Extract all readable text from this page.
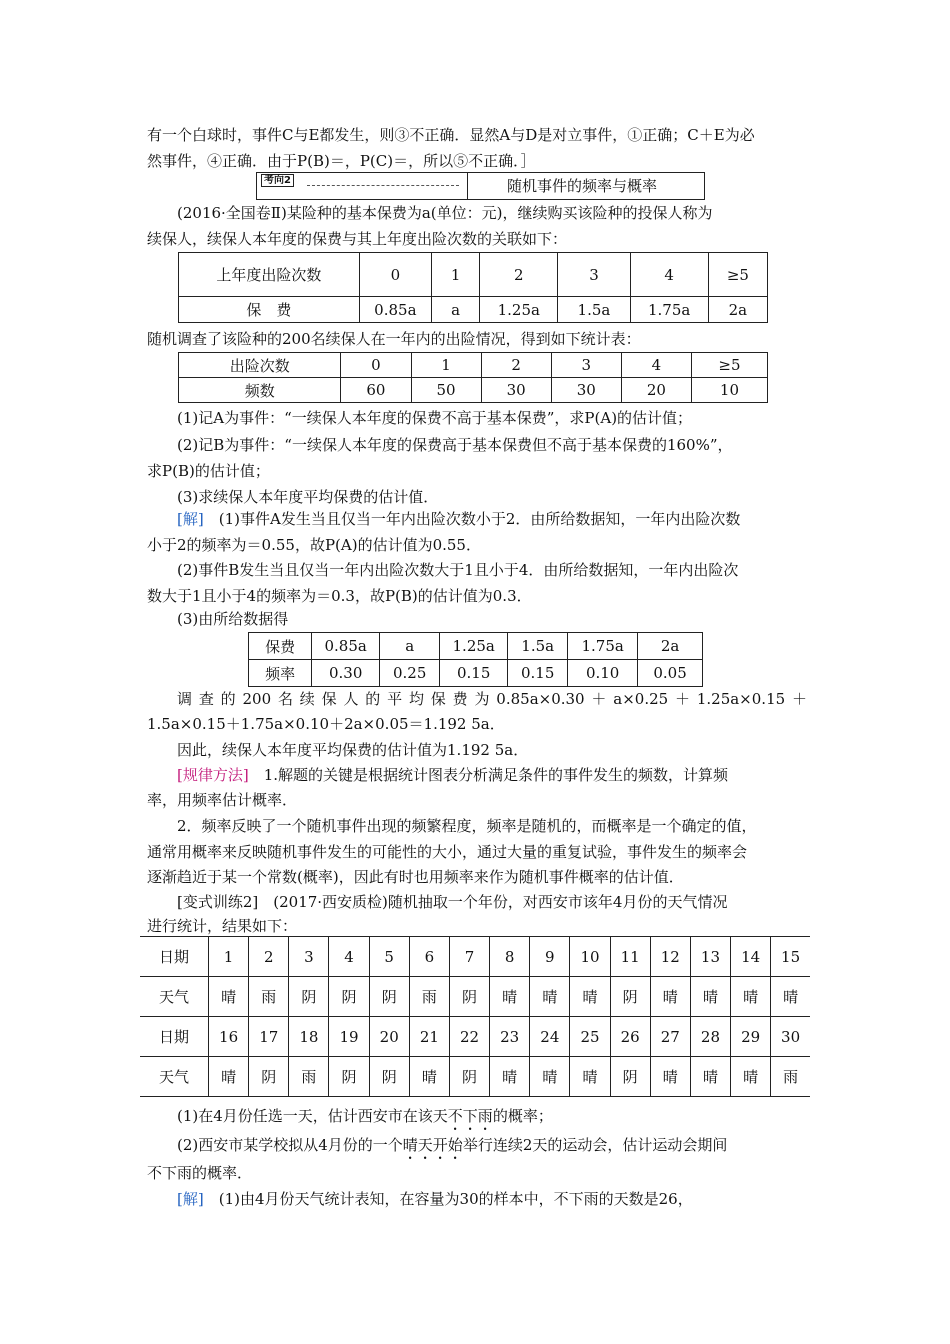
有一个白球时，事件C与E都发生，则③不正确．显然A与D是对立事件，①正确；C＋E为必

然事件，④正确．由于P(B)＝，P(C)＝，所以⑤不正确．］

考向2	随机事件的频率与概率

(2016·全国卷Ⅱ)某险种的基本保费为a(单位：元)，继续购买该险种的投保人称为

续保人，续保人本年度的保费与其上年度出险次数的关联如下：

上年度出险次数	0	1	2	3	4	≥5
保　费	0.85a	a	1.25a	1.5a	1.75a	2a

随机调查了该险种的200名续保人在一年内的出险情况，得到如下统计表：

出险次数	0	1	2	3	4	≥5
频数	60	50	30	30	20	10

(1)记A为事件：“一续保人本年度的保费不高于基本保费”，求P(A)的估计值；

(2)记B为事件：“一续保人本年度的保费高于基本保费但不高于基本保费的160%”，

求P(B)的估计值；

(3)求续保人本年度平均保费的估计值．

[解]　 (1)事件A发生当且仅当一年内出险次数小于2．由所给数据知，一年内出险次数

小于2的频率为＝0.55，故P(A)的估计值为0.55．

(2)事件B发生当且仅当一年内出险次数大于1且小于4．由所给数据知，一年内出险次

数大于1且小于4的频率为＝0.3，故P(B)的估计值为0.3．

(3)由所给数据得

保费	0.85a	a	1.25a	1.5a	1.75a	2a
频率	0.30	0.25	0.15	0.15	0.10	0.05

调查的200名续保人的平均保费为0.85a×0.30＋a×0.25＋1.25a×0.15＋

1.5a×0.15＋1.75a×0.10＋2a×0.05＝1.192 5a．

因此，续保人本年度平均保费的估计值为1.192 5a．

[规律方法]　 1.解题的关键是根据统计图表分析满足条件的事件发生的频数，计算频

率，用频率估计概率．

2．频率反映了一个随机事件出现的频繁程度，频率是随机的，而概率是一个确定的值，

通常用概率来反映随机事件发生的可能性的大小，通过大量的重复试验，事件发生的频率会

逐渐趋近于某一个常数(概率)，因此有时也用频率来作为随机事件概率的估计值．

[变式训练2]　 (2017·西安质检)随机抽取一个年份，对西安市该年4月份的天气情况

进行统计，结果如下：

日期	1	2	3	4	5	6	7	8	9	10	11	12	13	14	15
天气	晴	雨	阴	阴	阴	雨	阴	晴	晴	晴	阴	晴	晴	晴	晴
日期	16	17	18	19	20	21	22	23	24	25	26	27	28	29	30
天气	晴	阴	雨	阴	阴	晴	阴	晴	晴	晴	阴	晴	晴	晴	雨

(1)在4月份任选一天，估计西安市在该天不下雨的概率；

(2)西安市某学校拟从4月份的一个晴天开始举行连续2天的运动会，估计运动会期间

不下雨的概率．

[解]　 (1)由4月份天气统计表知，在容量为30的样本中，不下雨的天数是26，
